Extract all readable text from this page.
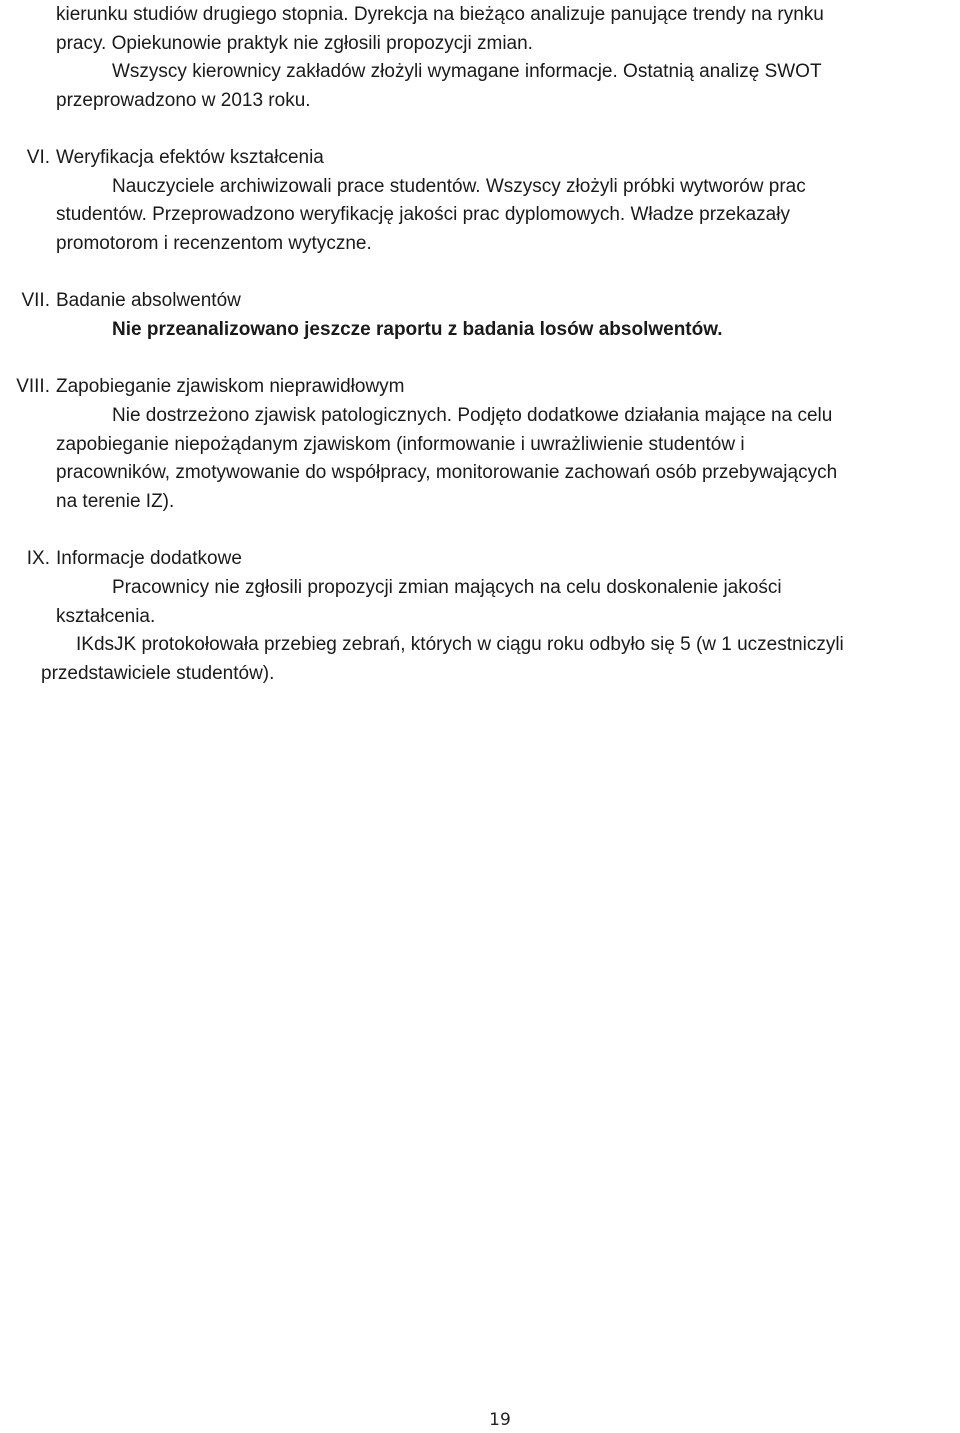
kierunku studiów drugiego stopnia. Dyrekcja na bieżąco analizuje panujące trendy na rynku
pracy. Opiekunowie praktyk nie zgłosili propozycji zmian.
Wszyscy kierownicy zakładów złożyli wymagane informacje. Ostatnią analizę SWOT
przeprowadzono w 2013 roku.
VI. Weryfikacja efektów kształcenia
Nauczyciele archiwizowali prace studentów. Wszyscy złożyli próbki wytworów prac
studentów. Przeprowadzono weryfikację jakości prac dyplomowych. Władze przekazały
promotorom i recenzentom wytyczne.
VII. Badanie absolwentów
Nie przeanalizowano jeszcze raportu z badania losów absolwentów.
VIII. Zapobieganie zjawiskom nieprawidłowym
Nie dostrzeżono zjawisk patologicznych. Podjęto dodatkowe działania mające na celu
zapobieganie niepożądanym zjawiskom (informowanie i uwrażliwienie studentów i
pracowników, zmotywowanie do współpracy, monitorowanie zachowań osób przebywających
na terenie IZ).
IX. Informacje dodatkowe
Pracownicy nie zgłosili propozycji zmian mających na celu doskonalenie jakości
kształcenia.
IKdsJK protokołowała przebieg zebrań, których w ciągu roku odbyło się 5 (w 1 uczestniczyli
przedstawiciele studentów).
19
